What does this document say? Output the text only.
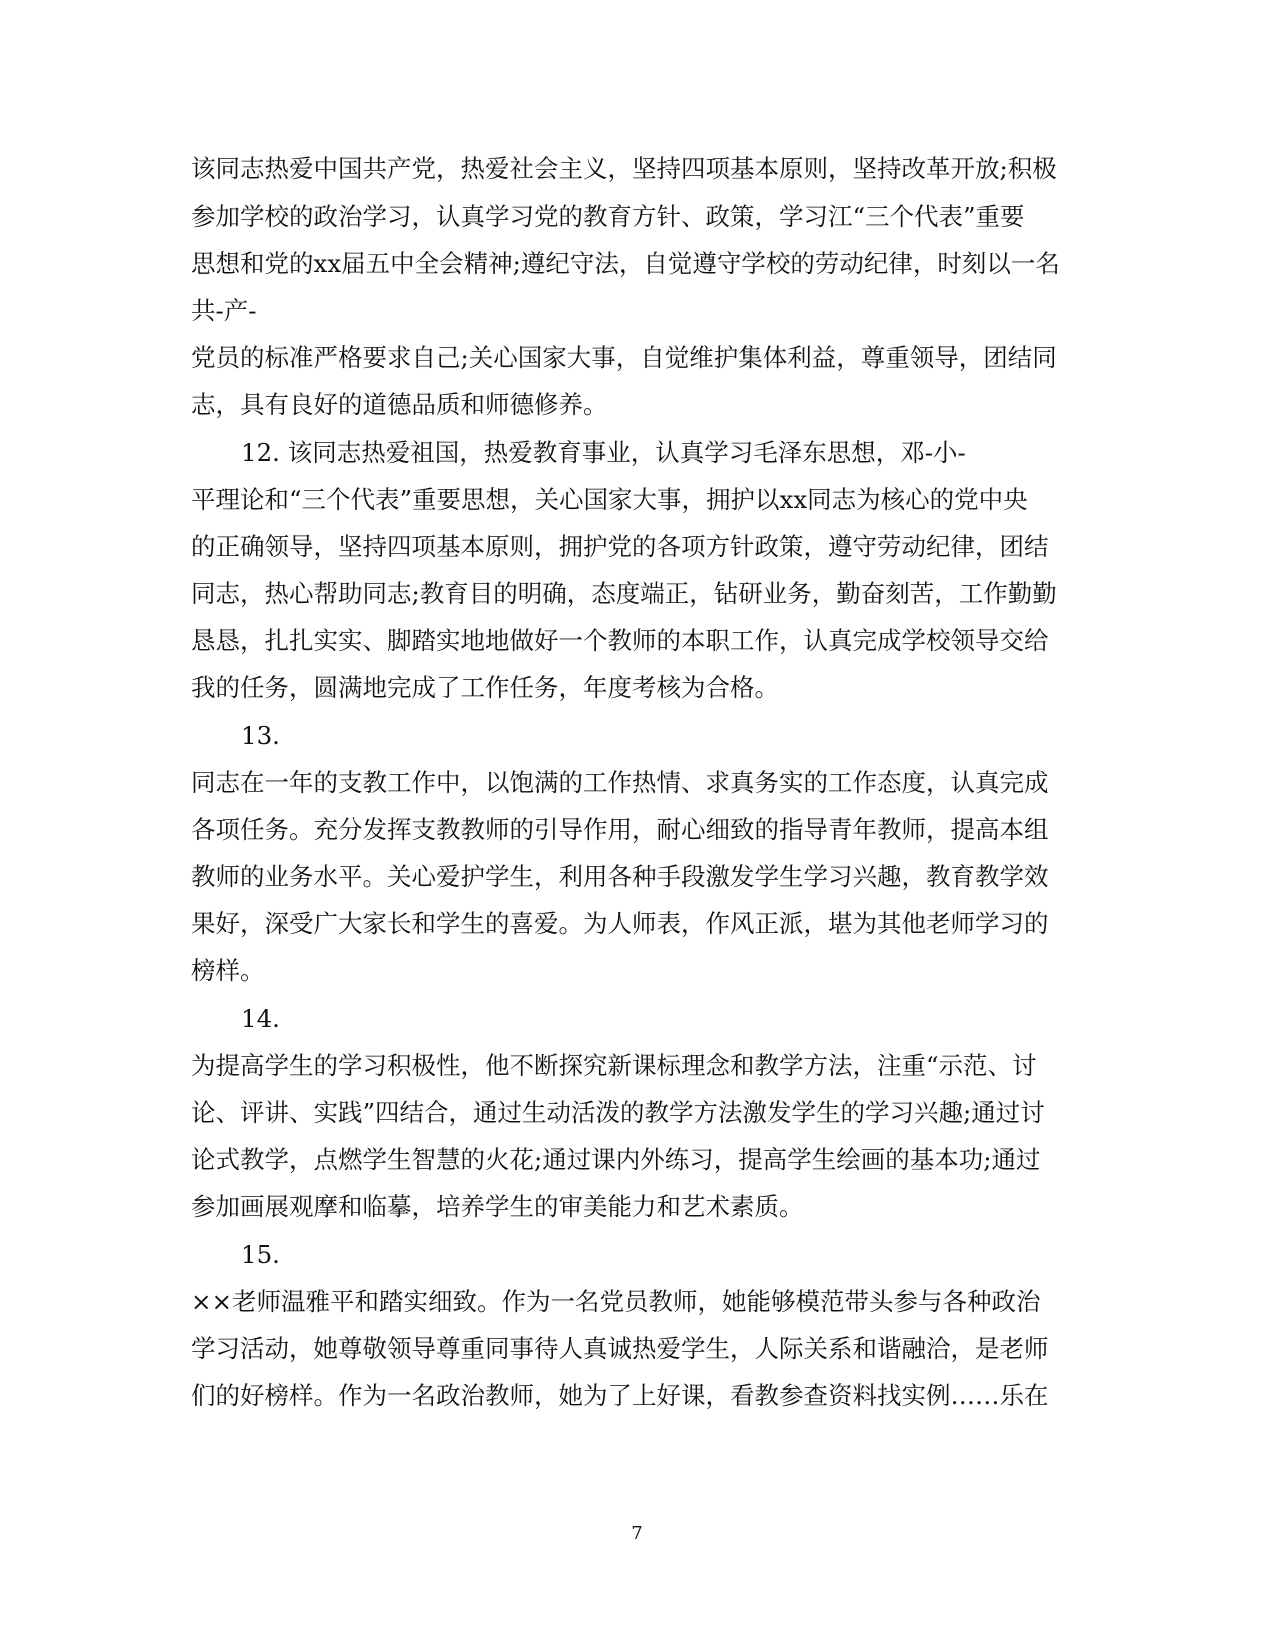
该同志热爱中国共产党，热爱社会主义，坚持四项基本原则，坚持改革开放;积极
参加学校的政治学习，认真学习党的教育方针、政策，学习江“三个代表”重要
思想和党的xx届五中全会精神;遵纪守法，自觉遵守学校的劳动纪律，时刻以一名
共-产-
党员的标准严格要求自己;关心国家大事，自觉维护集体利益，尊重领导，团结同
志，具有良好的道德品质和师德修养。
12. 该同志热爱祖国，热爱教育事业，认真学习毛泽东思想，邓-小-
平理论和“三个代表”重要思想，关心国家大事，拥护以xx同志为核心的党中央
的正确领导，坚持四项基本原则，拥护党的各项方针政策，遵守劳动纪律，团结
同志，热心帮助同志;教育目的明确，态度端正，钻研业务，勤奋刻苦，工作勤勤
恳恳，扎扎实实、脚踏实地地做好一个教师的本职工作，认真完成学校领导交给
我的任务，圆满地完成了工作任务，年度考核为合格。
13.
同志在一年的支教工作中，以饱满的工作热情、求真务实的工作态度，认真完成
各项任务。充分发挥支教教师的引导作用，耐心细致的指导青年教师，提高本组
教师的业务水平。关心爱护学生，利用各种手段激发学生学习兴趣，教育教学效
果好，深受广大家长和学生的喜爱。为人师表，作风正派，堪为其他老师学习的
榜样。
14.
为提高学生的学习积极性，他不断探究新课标理念和教学方法，注重“示范、讨
论、评讲、实践”四结合，通过生动活泼的教学方法激发学生的学习兴趣;通过讨
论式教学，点燃学生智慧的火花;通过课内外练习，提高学生绘画的基本功;通过
参加画展观摩和临摹，培养学生的审美能力和艺术素质。
15.
××老师温雅平和踏实细致。作为一名党员教师，她能够模范带头参与各种政治
学习活动，她尊敬领导尊重同事待人真诚热爱学生，人际关系和谐融洽，是老师
们的好榜样。作为一名政治教师，她为了上好课，看教参查资料找实例……乐在
7
